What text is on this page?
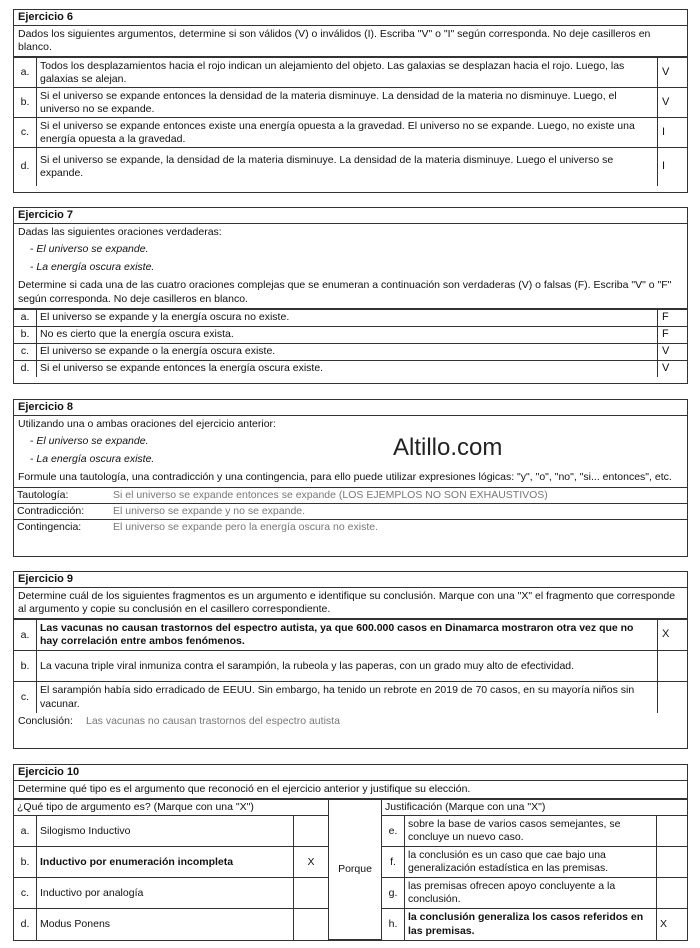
Ejercicio 6
Dados los siguientes argumentos, determine si son válidos (V) o inválidos (I). Escriba "V" o "I" según corresponda. No deje casilleros en blanco.
a.	Todos los desplazamientos hacia el rojo indican un alejamiento del objeto. Las galaxias se desplazan hacia el rojo. Luego, las galaxias se alejan.	V
b.	Si el universo se expande entonces la densidad de la materia disminuye. La densidad de la materia no disminuye. Luego, el universo no se expande.	V
c.	Si el universo se expande entonces existe una energía opuesta a la gravedad. El universo no se expande. Luego, no existe una energía opuesta a la gravedad.	I
d.	Si el universo se expande, la densidad de la materia disminuye. La densidad de la materia disminuye. Luego el universo se expande.	I
Ejercicio 7
Dadas las siguientes oraciones verdaderas:
- El universo se expande.
- La energía oscura existe.
Determine si cada una de las cuatro oraciones complejas que se enumeran a continuación son verdaderas (V) o falsas (F). Escriba "V" o "F" según corresponda. No deje casilleros en blanco.
a.	El universo se expande y la energía oscura no existe.	F
b.	No es cierto que la energía oscura exista.	F
c.	El universo se expande o la energía oscura existe.	V
d.	Si el universo se expande entonces la energía oscura existe.	V
Ejercicio 8
Utilizando una o ambas oraciones del ejercicio anterior:
- El universo se expande.
- La energía oscura existe.
Formule una tautología, una contradicción y una contingencia, para ello puede utilizar expresiones lógicas: "y", "o", "no", "si... entonces", etc.
Tautología:	Si el universo se expande entonces se expande (LOS EJEMPLOS NO SON EXHAUSTIVOS)
Contradicción:	El universo se expande y no se expande.
Contingencia:	El universo se expande pero la energía oscura no existe.
Altillo.com
Ejercicio 9
Determine cuál de los siguientes fragmentos es un argumento e identifique su conclusión. Marque con una "X" el fragmento que corresponde al argumento y copie su conclusión en el casillero correspondiente.
a.	Las vacunas no causan trastornos del espectro autista, ya que 600.000 casos en Dinamarca mostraron otra vez que no hay correlación entre ambos fenómenos.	X
b.	La vacuna triple viral inmuniza contra el sarampión, la rubeola y las paperas, con un grado muy alto de efectividad.	
c.	El sarampión había sido erradicado de EEUU. Sin embargo, ha tenido un rebrote en 2019 de 70 casos, en su mayoría niños sin vacunar.	
Conclusión:	Las vacunas no causan trastornos del espectro autista
Ejercicio 10
Determine qué tipo es el argumento que reconoció en el ejercicio anterior y justifique su elección.
¿Qué tipo de argumento es? (Marque con una "X")			Porque	Justificación (Marque con una "X")		
a.	Silogismo Inductivo			e.	sobre la base de varios casos semejantes, se concluye un nuevo caso.	
b.	Inductivo por enumeración incompleta	X		f.	la conclusión es un caso que cae bajo una generalización estadística en las premisas.	
c.	Inductivo por analogía			g.	las premisas ofrecen apoyo concluyente a la conclusión.	
d.	Modus Ponens			h.	la conclusión generaliza los casos referidos en las premisas.	X
